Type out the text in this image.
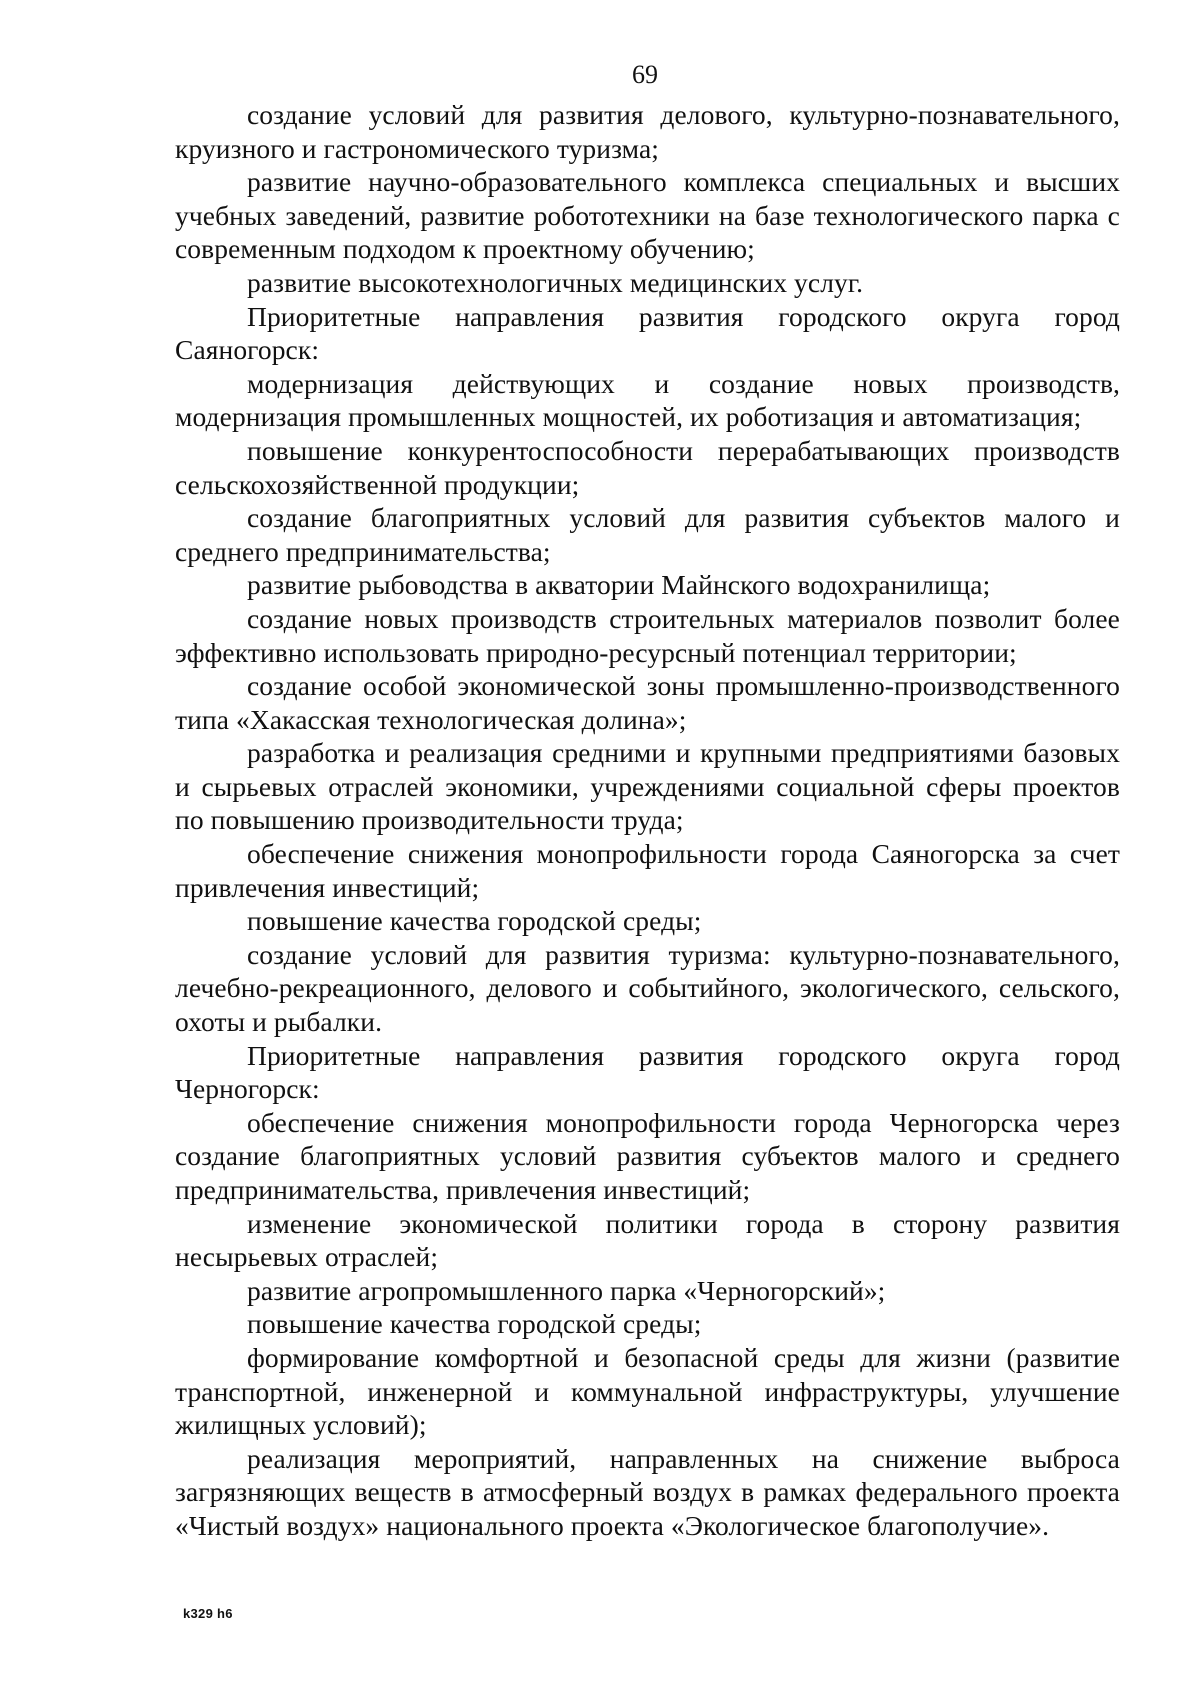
69

создание условий для развития делового, культурно-познавательного, круизного и гастрономического туризма;

развитие научно-образовательного комплекса специальных и высших учебных заведений, развитие робототехники на базе технологического парка с современным подходом к проектному обучению;

развитие высокотехнологичных медицинских услуг.

Приоритетные направления развития городского округа город Саяногорск:

модернизация действующих и создание новых производств, модернизация промышленных мощностей, их роботизация и автоматизация;

повышение конкурентоспособности перерабатывающих производств сельскохозяйственной продукции;

создание благоприятных условий для развития субъектов малого и среднего предпринимательства;

развитие рыбоводства в акватории Майнского водохранилища;

создание новых производств строительных материалов позволит более эффективно использовать природно-ресурсный потенциал территории;

создание особой экономической зоны промышленно-производственного типа «Хакасская технологическая долина»;

разработка и реализация средними и крупными предприятиями базовых и сырьевых отраслей экономики, учреждениями социальной сферы проектов по повышению производительности труда;

обеспечение снижения монопрофильности города Саяногорска за счет привлечения инвестиций;

повышение качества городской среды;

создание условий для развития туризма: культурно-познавательного, лечебно-рекреационного, делового и событийного, экологического, сельского, охоты и рыбалки.

Приоритетные направления развития городского округа город Черногорск:

обеспечение снижения монопрофильности города Черногорска через создание благоприятных условий развития субъектов малого и среднего предпринимательства, привлечения инвестиций;

изменение экономической политики города в сторону развития несырьевых отраслей;

развитие агропромышленного парка «Черногорский»;

повышение качества городской среды;

формирование комфортной и безопасной среды для жизни (развитие транспортной, инженерной и коммунальной инфраструктуры, улучшение жилищных условий);

реализация мероприятий, направленных на снижение выброса загрязняющих веществ в атмосферный воздух в рамках федерального проекта «Чистый воздух» национального проекта «Экологическое благополучие».

k329 h6
